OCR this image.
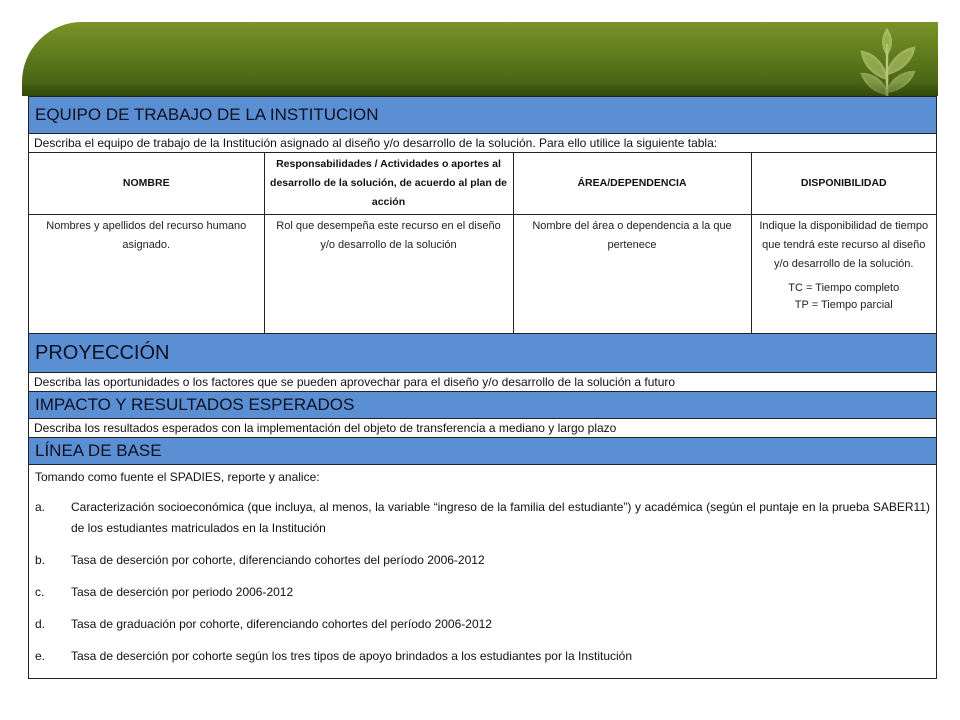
EQUIPO DE TRABAJO DE LA INSTITUCION
Describa el equipo de trabajo de la Institución asignado al diseño y/o desarrollo de la solución. Para ello utilice la siguiente tabla:
NOMBRE	Responsabilidades / Actividades o aportes al desarrollo de la solución, de acuerdo al plan de acción	ÁREA/DEPENDENCIA	DISPONIBILIDAD
Nombres y apellidos del recurso humano asignado.	Rol que desempeña este recurso en el diseño y/o desarrollo de la solución	Nombre del área o dependencia a la que pertenece	Indique la disponibilidad de tiempo que tendrá este recurso al diseño y/o desarrollo de la solución.
TC = Tiempo completo
TP = Tiempo parcial
PROYECCIÓN
Describa las oportunidades o los factores que se pueden aprovechar para el diseño y/o desarrollo de la solución a futuro
IMPACTO Y RESULTADOS ESPERADOS
Describa los resultados esperados con la implementación del objeto de transferencia a mediano y largo plazo
LÍNEA DE BASE

Tomando como fuente el SPADIES, reporte y analice:

a.	Caracterización socioeconómica (que incluya, al menos, la variable “ingreso de la familia del estudiante”) y académica (según el puntaje en la prueba SABER11) de los estudiantes matriculados en la Institución
b.	Tasa de deserción por cohorte, diferenciando cohortes del período 2006-2012
c.	Tasa de deserción por periodo 2006-2012
d.	Tasa de graduación por cohorte, diferenciando cohortes del período 2006-2012
e.	Tasa de deserción por cohorte según los tres tipos de apoyo brindados a los estudiantes por la Institución
